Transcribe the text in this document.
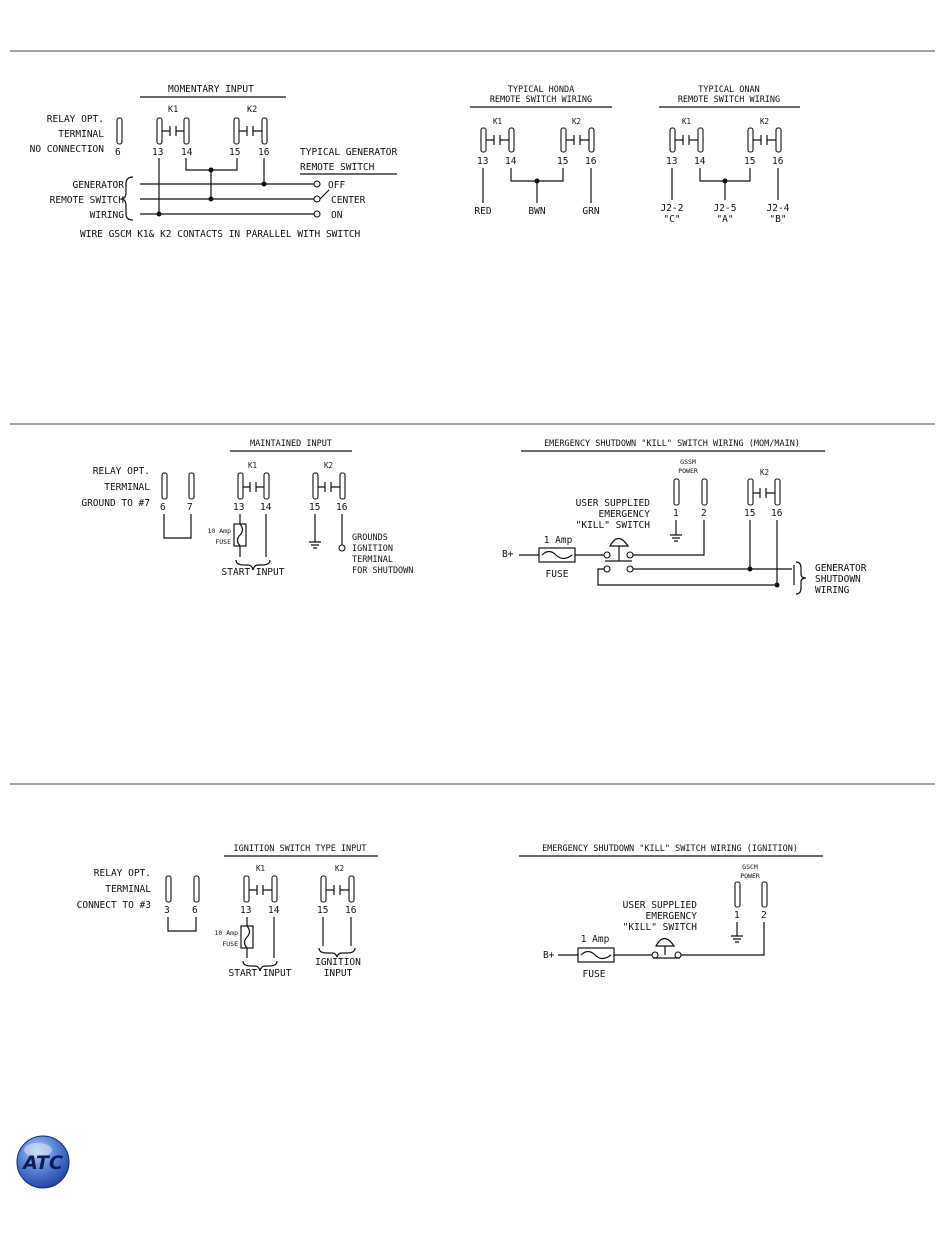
MOMENTARY INPUT
RELAY OPT.
TERMINAL
NO CONNECTION
K1	K2
6	13 14	15 16
GENERATOR
REMOTE SWITCH
WIRING
TYPICAL GENERATOR
REMOTE SWITCH
OFF
CENTER
ON
WIRE GSCM K1& K2 CONTACTS IN PARALLEL WITH SWITCH
TYPICAL HONDA
REMOTE SWITCH WIRING
K1	K2
13 14	15 16
RED	BWN	GRN
TYPICAL ONAN
REMOTE SWITCH WIRING
K1	K2
13 14	15 16
J2-2
"C"
J2-5
"A"
J2-4
"B"
MAINTAINED INPUT
RELAY OPT.
TERMINAL
GROUND TO #7 6 7
K1	K2
13 14	15 16
10 Amp
FUSE
START INPUT
GROUNDS
IGNITION
TERMINAL
FOR SHUTDOWN
EMERGENCY SHUTDOWN "KILL" SWITCH WIRING (MOM/MAIN)
GSSM
POWER	K2
1 2	15 16
USER SUPPLIED
EMERGENCY
"KILL" SWITCH
B+
1 Amp
FUSE
GENERATOR
SHUTDOWN
WIRING
IGNITION SWITCH TYPE INPUT
RELAY OPT.
TERMINAL
CONNECT TO #3 3 6
K1	K2
13 14	15 16
10 Amp
FUSE
START INPUT
IGNITION
INPUT
EMERGENCY SHUTDOWN "KILL" SWITCH WIRING (IGNITION)
GSCM
POWER
1 2
USER SUPPLIED
EMERGENCY
"KILL" SWITCH
B+
1 Amp
FUSE
ATC
